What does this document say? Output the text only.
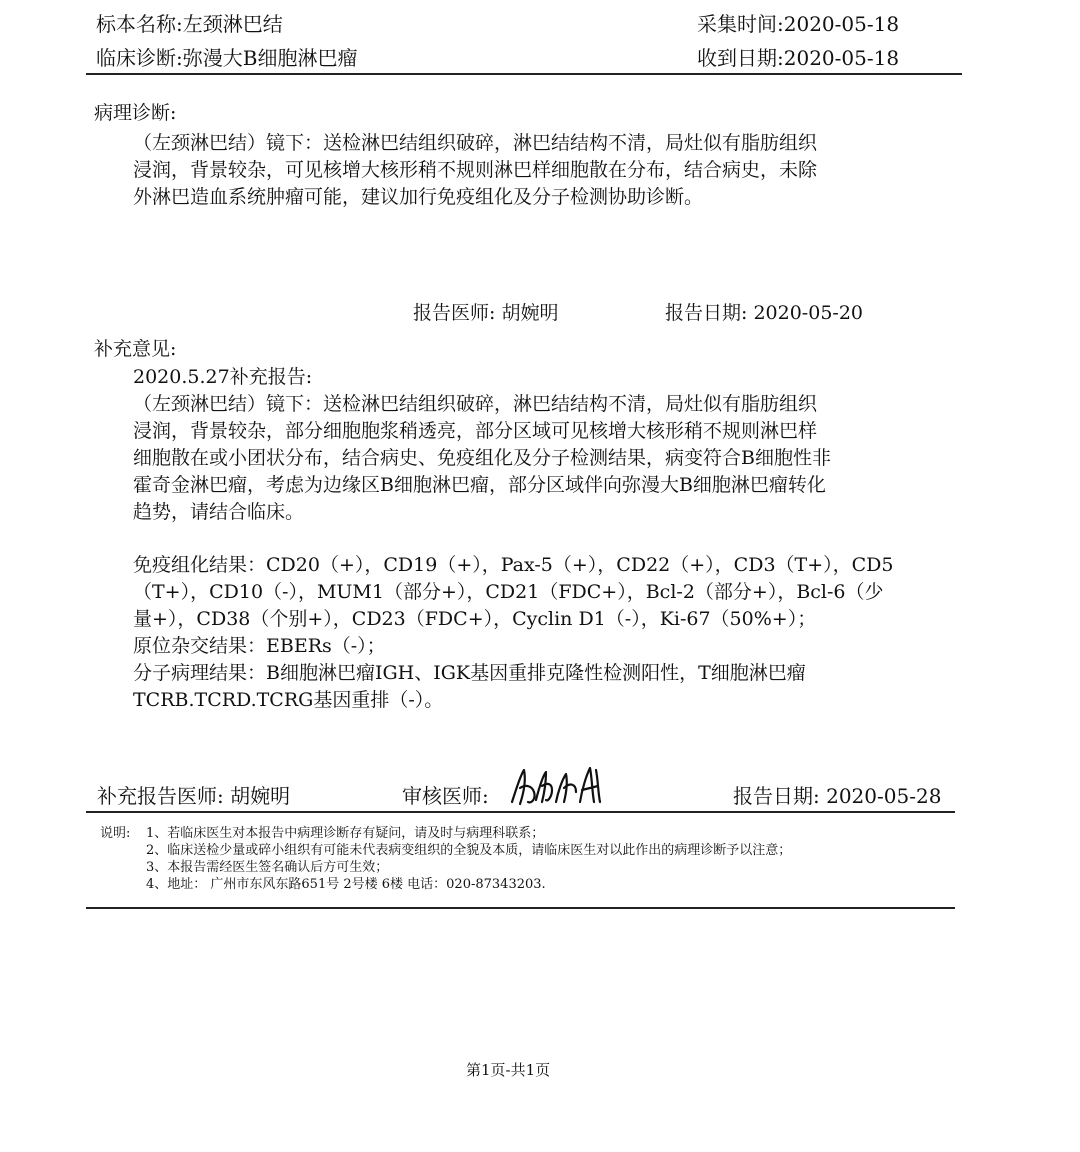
标本名称:左颈淋巴结	采集时间:2020-05-18
临床诊断:弥漫大B细胞淋巴瘤	收到日期:2020-05-18
病理诊断:
（左颈淋巴结）镜下：送检淋巴结组织破碎，淋巴结结构不清，局灶似有脂肪组织
浸润，背景较杂，可见核增大核形稍不规则淋巴样细胞散在分布，结合病史，未除
外淋巴造血系统肿瘤可能，建议加行免疫组化及分子检测协助诊断。
报告医师: 胡婉明	报告日期: 2020-05-20
补充意见:
2020.5.27补充报告:
（左颈淋巴结）镜下：送检淋巴结组织破碎，淋巴结结构不清，局灶似有脂肪组织
浸润，背景较杂，部分细胞胞浆稍透亮，部分区域可见核增大核形稍不规则淋巴样
细胞散在或小团状分布，结合病史、免疫组化及分子检测结果，病变符合B细胞性非
霍奇金淋巴瘤，考虑为边缘区B细胞淋巴瘤，部分区域伴向弥漫大B细胞淋巴瘤转化
趋势，请结合临床。
免疫组化结果：CD20（+），CD19（+），Pax-5（+），CD22（+），CD3（T+），CD5
（T+），CD10（-），MUM1（部分+），CD21（FDC+），Bcl-2（部分+），Bcl-6（少
量+），CD38（个别+），CD23（FDC+），Cyclin D1（-），Ki-67（50%+）；
原位杂交结果：EBERs（-）；
分子病理结果：B细胞淋巴瘤IGH、IGK基因重排克隆性检测阳性，T细胞淋巴瘤
TCRB.TCRD.TCRG基因重排（-）。
补充报告医师: 胡婉明	审核医师:	报告日期: 2020-05-28
说明: 1、若临床医生对本报告中病理诊断存有疑问，请及时与病理科联系；
2、临床送检少量或碎小组织有可能未代表病变组织的全貌及本质，请临床医生对以此作出的病理诊断予以注意；
3、本报告需经医生签名确认后方可生效；
4、地址： 广州市东风东路651号 2号楼 6楼 电话：020-87343203.
第1页-共1页
